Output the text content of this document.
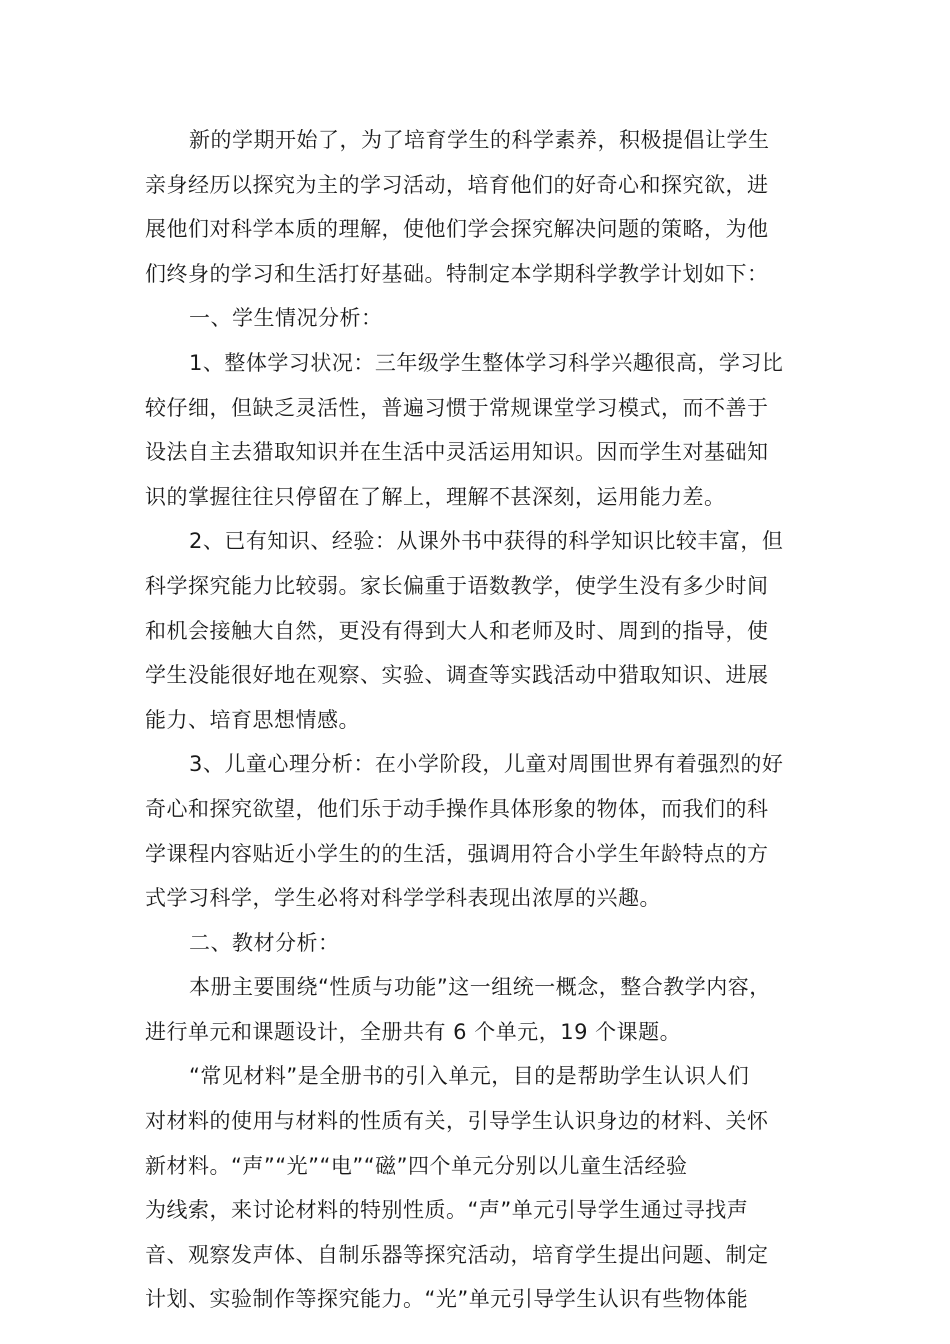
新的学期开始了，为了培育学生的科学素养，积极提倡让学生
亲身经历以探究为主的学习活动，培育他们的好奇心和探究欲，进
展他们对科学本质的理解，使他们学会探究解决问题的策略，为他
们终身的学习和生活打好基础。特制定本学期科学教学计划如下：
一、学生情况分析：
1、整体学习状况：三年级学生整体学习科学兴趣很高，学习比
较仔细，但缺乏灵活性，普遍习惯于常规课堂学习模式，而不善于
设法自主去猎取知识并在生活中灵活运用知识。因而学生对基础知
识的掌握往往只停留在了解上，理解不甚深刻，运用能力差。
2、已有知识、经验：从课外书中获得的科学知识比较丰富，但
科学探究能力比较弱。家长偏重于语数教学，使学生没有多少时间
和机会接触大自然，更没有得到大人和老师及时、周到的指导，使
学生没能很好地在观察、实验、调查等实践活动中猎取知识、进展
能力、培育思想情感。
3、儿童心理分析：在小学阶段，儿童对周围世界有着强烈的好
奇心和探究欲望，他们乐于动手操作具体形象的物体，而我们的科
学课程内容贴近小学生的的生活，强调用符合小学生年龄特点的方
式学习科学，学生必将对科学学科表现出浓厚的兴趣。
二、教材分析：
本册主要围绕“性质与功能”这一组统一概念，整合教学内容，
进行单元和课题设计，全册共有 6 个单元，19 个课题。
“常见材料”是全册书的引入单元，目的是帮助学生认识人们
对材料的使用与材料的性质有关，引导学生认识身边的材料、关怀
新材料。“声”“光”“电”“磁”四个单元分别以儿童生活经验
为线索，来讨论材料的特别性质。“声”单元引导学生通过寻找声
音、观察发声体、自制乐器等探究活动，培育学生提出问题、制定
计划、实验制作等探究能力。“光”单元引导学生认识有些物体能
